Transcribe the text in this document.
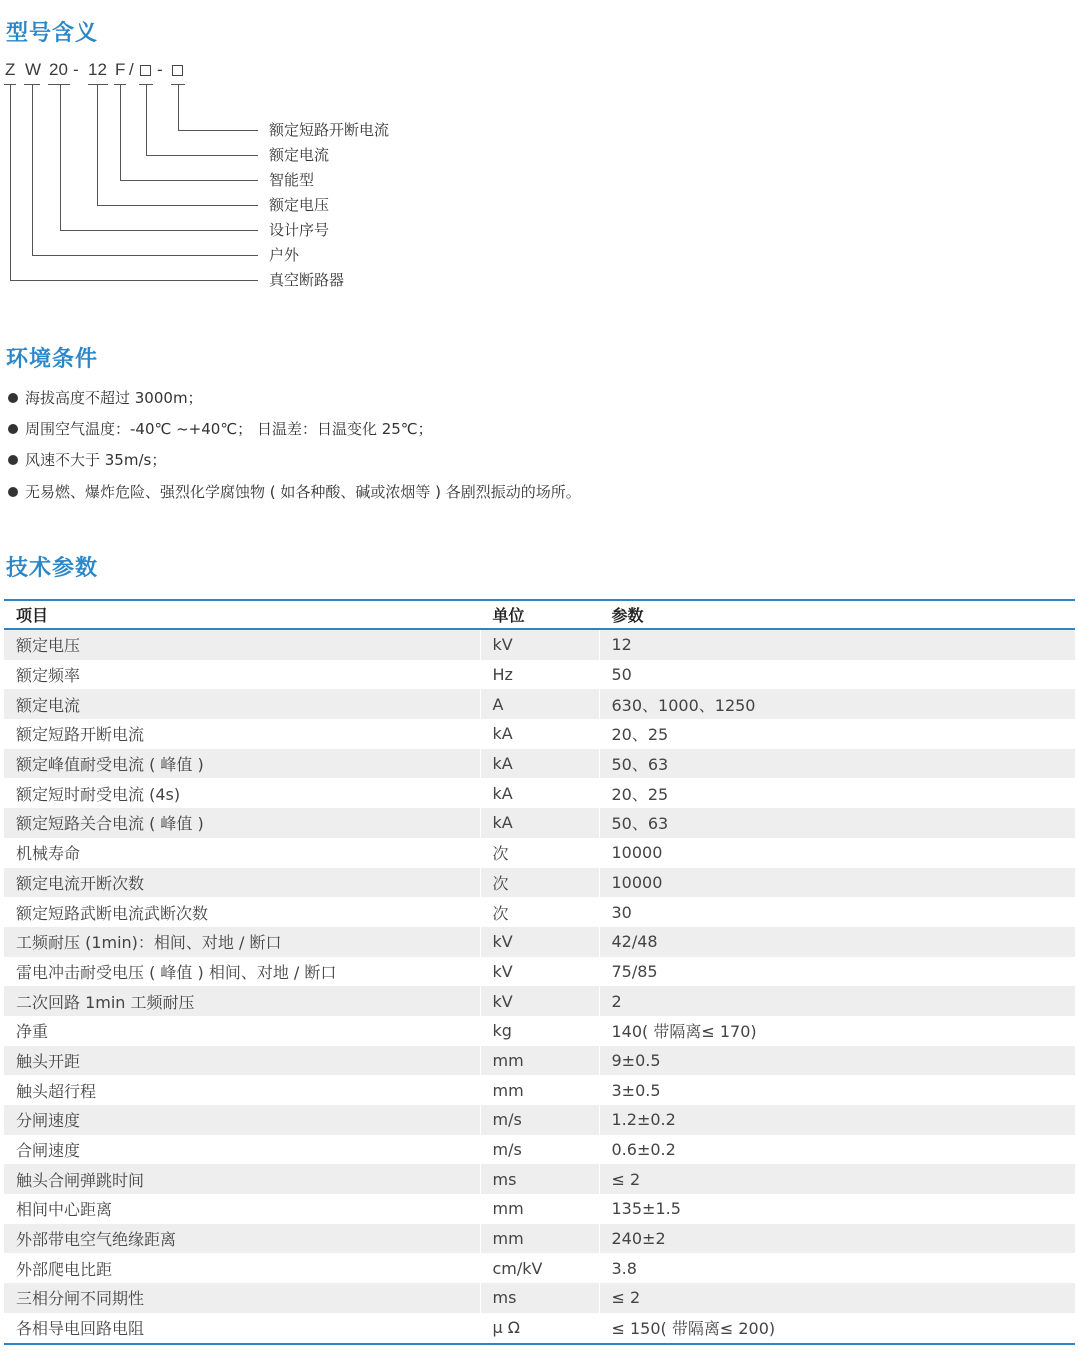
型号含义
Z W 20 - 12 F / -
额定短路开断电流
额定电流
智能型
额定电压
设计序号
户外
真空断路器
环境条件
海拔高度不超过 3000m；
周围空气温度：-40℃ ~+40℃； 日温差：日温变化 25℃；
风速不大于 35m/s；
无易燃、爆炸危险、强烈化学腐蚀物 ( 如各种酸、碱或浓烟等 ) 各剧烈振动的场所。
技术参数
项目	单位	参数
额定电压	kV	12
额定频率	Hz	50
额定电流	A	630、1000、1250
额定短路开断电流	kA	20、25
额定峰值耐受电流 ( 峰值 )	kA	50、63
额定短时耐受电流 (4s)	kA	20、25
额定短路关合电流 ( 峰值 )	kA	50、63
机械寿命	次	10000
额定电流开断次数	次	10000
额定短路武断电流武断次数	次	30
工频耐压 (1min)：相间、对地 / 断口	kV	42/48
雷电冲击耐受电压 ( 峰值 ) 相间、对地 / 断口	kV	75/85
二次回路 1min 工频耐压	kV	2
净重	kg	140( 带隔离≤ 170)
触头开距	mm	9±0.5
触头超行程	mm	3±0.5
分闸速度	m/s	1.2±0.2
合闸速度	m/s	0.6±0.2
触头合闸弹跳时间	ms	≤ 2
相间中心距离	mm	135±1.5
外部带电空气绝缘距离	mm	240±2
外部爬电比距	cm/kV	3.8
三相分闸不同期性	ms	≤ 2
各相导电回路电阻	μ Ω	≤ 150( 带隔离≤ 200)
